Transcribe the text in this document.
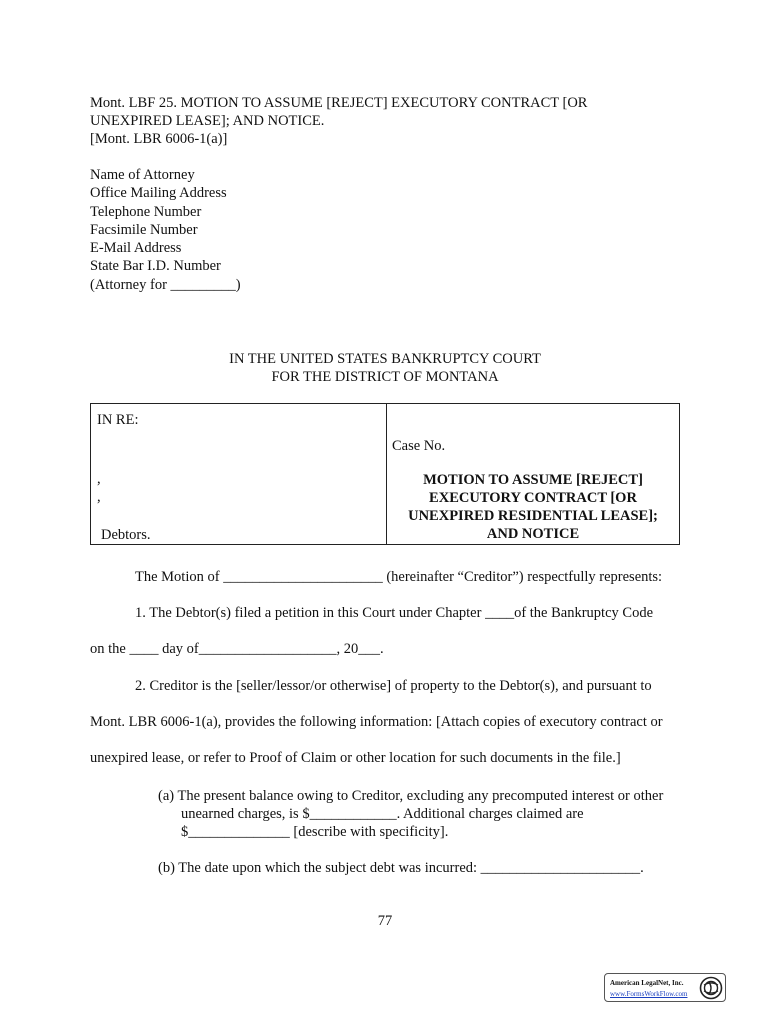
Mont. LBF 25. MOTION TO ASSUME [REJECT] EXECUTORY CONTRACT [OR
UNEXPIRED LEASE]; AND NOTICE.
[Mont. LBR 6006-1(a)]
Name of Attorney
Office Mailing Address
Telephone Number
Facsimile Number
E-Mail Address
State Bar I.D. Number
(Attorney for _________)
IN THE UNITED STATES BANKRUPTCY COURT
FOR THE DISTRICT OF MONTANA
IN RE:
,
,
Debtors.
Case No.
MOTION TO ASSUME [REJECT]
EXECUTORY CONTRACT [OR
UNEXPIRED RESIDENTIAL LEASE];
AND NOTICE
The Motion of ______________________ (hereinafter “Creditor”) respectfully represents:
1. The Debtor(s) filed a petition in this Court under Chapter ____of the Bankruptcy Code
on the ____ day of___________________, 20___.
2. Creditor is the [seller/lessor/or otherwise] of property to the Debtor(s), and pursuant to
Mont. LBR 6006-1(a), provides the following information: [Attach copies of executory contract or
unexpired lease, or refer to Proof of Claim or other location for such documents in the file.]
(a) The present balance owing to Creditor, excluding any precomputed interest or other
unearned charges, is $____________. Additional charges claimed are
$______________ [describe with specificity].
(b) The date upon which the subject debt was incurred: ______________________.
77
American LegalNet, Inc.
www.FormsWorkFlow.com
